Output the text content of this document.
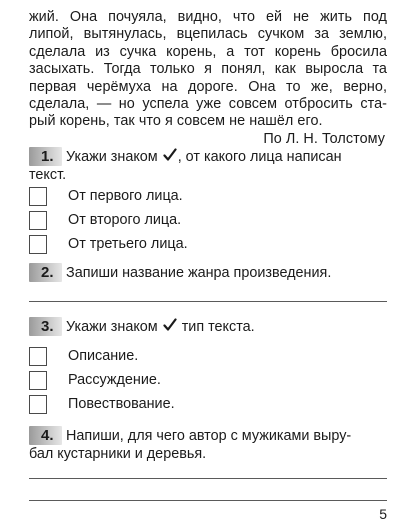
жий. Она почуяла, видно, что ей не жить под
липой, вытянулась, вцепилась сучком за землю,
сделала из сучка корень, а тот корень бросила
засыхать. Тогда только я понял, как выросла та
первая черёмуха на дороге. Она то же, верно,
сделала, — но успела уже совсем отбросить ста-
рый корень, так что я совсем не нашёл его.
По Л. Н. Толстому
1. Укажи знаком , от какого лица написан
текст.
От первого лица.
От второго лица.
От третьего лица.
2. Запиши название жанра произведения.
3. Укажи знаком тип текста.
Описание.
Рассуждение.
Повествование.
4. Напиши, для чего автор с мужиками выру-
бал кустарники и деревья.
5
